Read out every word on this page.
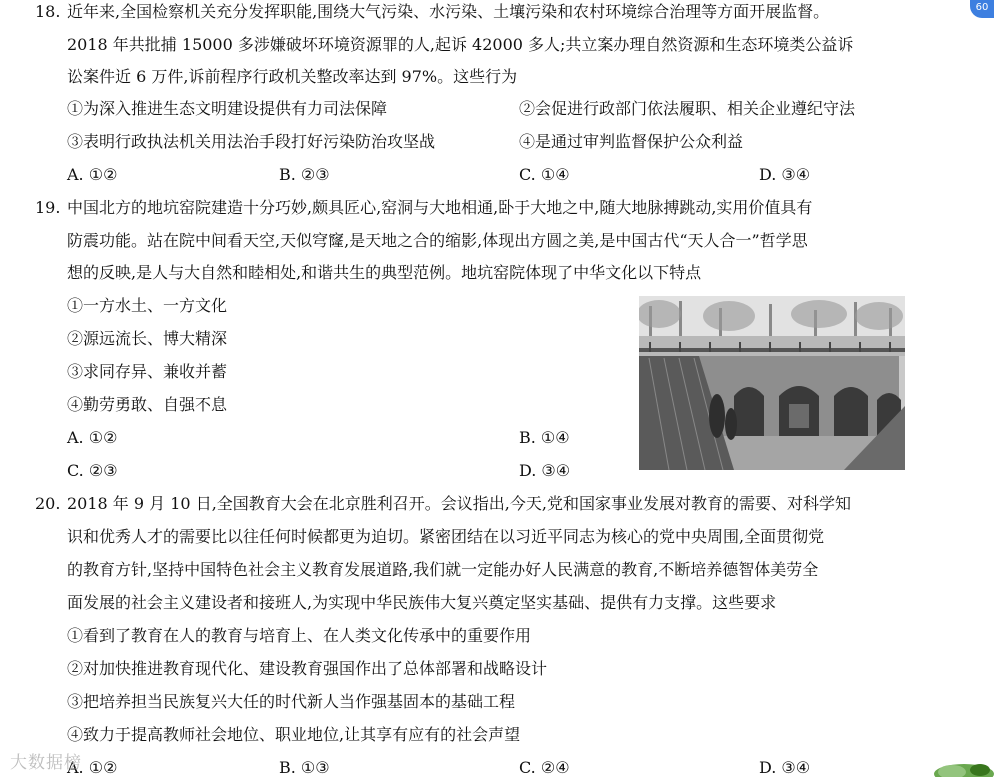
18. 近年来,全国检察机关充分发挥职能,围绕大气污染、水污染、土壤污染和农村环境综合治理等方面开展监督。
2018 年共批捕 15000 多涉嫌破坏环境资源罪的人,起诉 42000 多人;共立案办理自然资源和生态环境类公益诉
讼案件近 6 万件,诉前程序行政机关整改率达到 97%。这些行为
①为深入推进生态文明建设提供有力司法保障	②会促进行政部门依法履职、相关企业遵纪守法
③表明行政执法机关用法治手段打好污染防治攻坚战	④是通过审判监督保护公众利益
A. ①②	B. ②③	C. ①④	D. ③④
19. 中国北方的地坑窑院建造十分巧妙,颇具匠心,窑洞与大地相通,卧于大地之中,随大地脉搏跳动,实用价值具有
防震功能。站在院中间看天空,天似穹窿,是天地之合的缩影,体现出方圆之美,是中国古代“天人合一”哲学思
想的反映,是人与大自然和睦相处,和谐共生的典型范例。地坑窑院体现了中华文化以下特点
①一方水土、一方文化
②源远流长、博大精深
③求同存异、兼收并蓄
④勤劳勇敢、自强不息
A. ①②	B. ①④
C. ②③	D. ③④
20. 2018 年 9 月 10 日,全国教育大会在北京胜利召开。会议指出,今天,党和国家事业发展对教育的需要、对科学知
识和优秀人才的需要比以往任何时候都更为迫切。紧密团结在以习近平同志为核心的党中央周围,全面贯彻党
的教育方针,坚持中国特色社会主义教育发展道路,我们就一定能办好人民满意的教育,不断培养德智体美劳全
面发展的社会主义建设者和接班人,为实现中华民族伟大复兴奠定坚实基础、提供有力支撑。这些要求
①看到了教育在人的教育与培育上、在人类文化传承中的重要作用
②对加快推进教育现代化、建设教育强国作出了总体部署和战略设计
③把培养担当民族复兴大任的时代新人当作强基固本的基础工程
④致力于提高教师社会地位、职业地位,让其享有应有的社会声望
A. ①②	B. ①③	C. ②④	D. ③④
60
大数据榜
